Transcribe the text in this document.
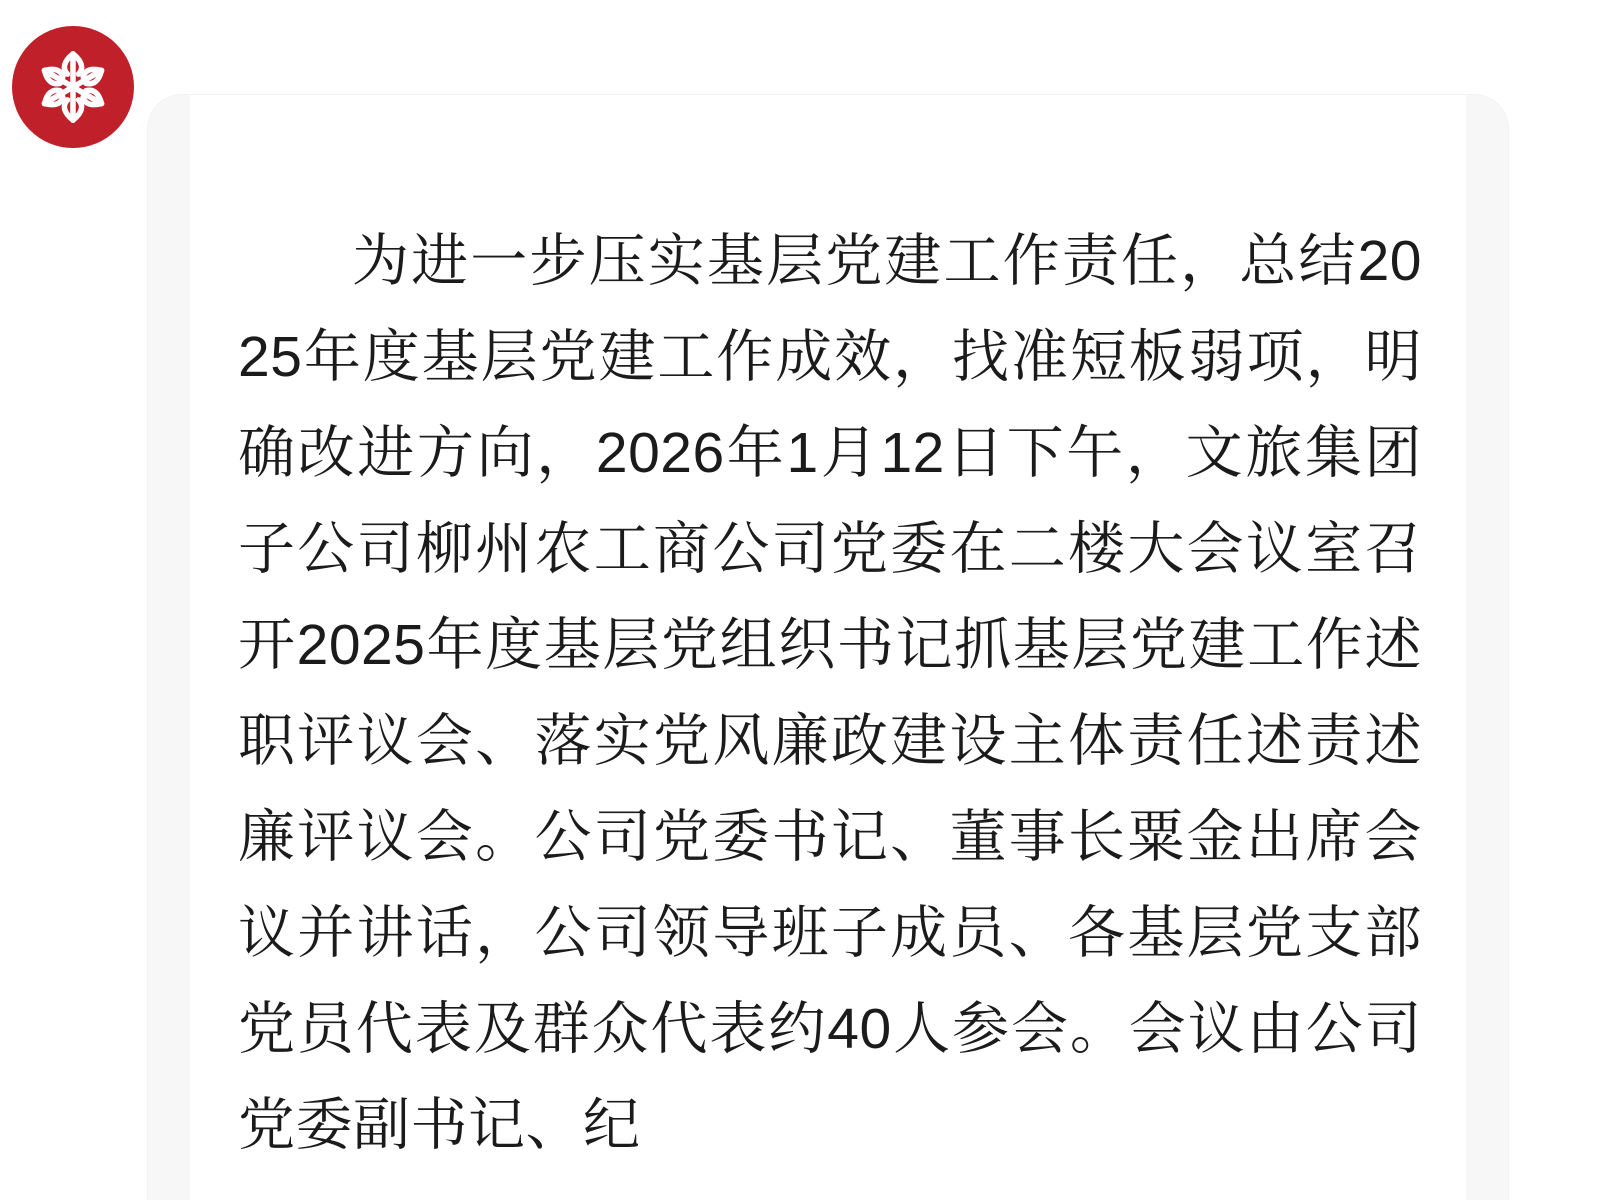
为进一步压实基层党建工作责任，总结2025年度基层党建工作成效，找准短板弱项，明确改进方向，2026年1月12日下午，文旅集团子公司柳州农工商公司党委在二楼大会议室召开2025年度基层党组织书记抓基层党建工作述职评议会、落实党风廉政建设主体责任述责述廉评议会。公司党委书记、董事长粟金出席会议并讲话，公司领导班子成员、各基层党支部党员代表及群众代表约40人参会。会议由公司党委副书记、纪
